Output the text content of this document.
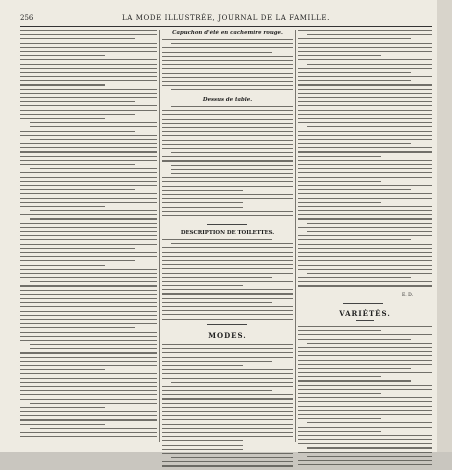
256	LA MODE ILLUSTRÉE, JOURNAL DE LA FAMILLE.
Capuchon d'été en cachemire rouge.
Dessus de table.
DESCRIPTION DE TOILETTES.
MODES.
E. D.
VARIÉTÉS.
